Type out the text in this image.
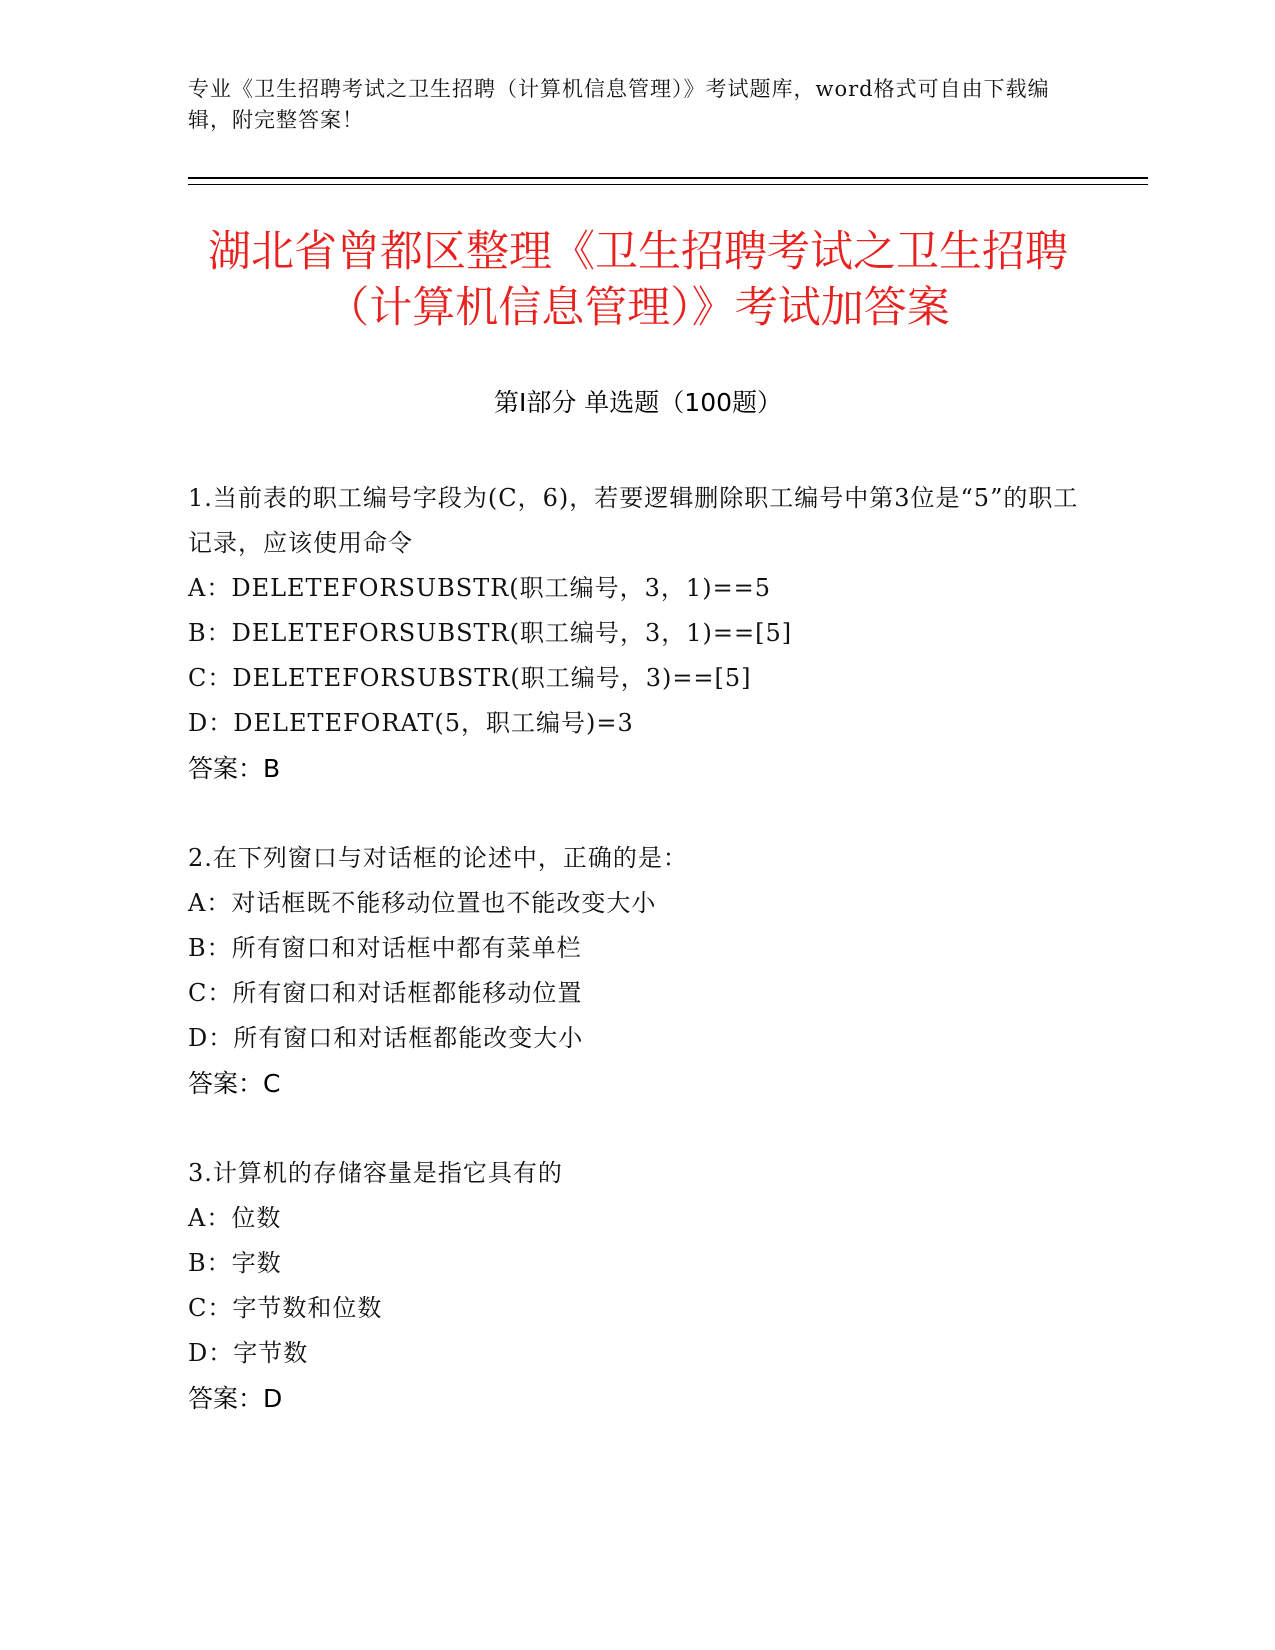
专业《卫生招聘考试之卫生招聘（计算机信息管理）》考试题库，word格式可自由下载编辑，附完整答案！
湖北省曾都区整理《卫生招聘考试之卫生招聘（计算机信息管理）》考试加答案
第Ⅰ部分 单选题（100题）
1.当前表的职工编号字段为(C，6)，若要逻辑删除职工编号中第3位是“5”的职工记录，应该使用命令
A：DELETEFORSUBSTR(职工编号，3，1)==5
B：DELETEFORSUBSTR(职工编号，3，1)==[5]
C：DELETEFORSUBSTR(职工编号，3)==[5]
D：DELETEFORAT(5，职工编号)=3
答案：B
2.在下列窗口与对话框的论述中，正确的是：
A：对话框既不能移动位置也不能改变大小
B：所有窗口和对话框中都有菜单栏
C：所有窗口和对话框都能移动位置
D：所有窗口和对话框都能改变大小
答案：C
3.计算机的存储容量是指它具有的
A：位数
B：字数
C：字节数和位数
D：字节数
答案：D
